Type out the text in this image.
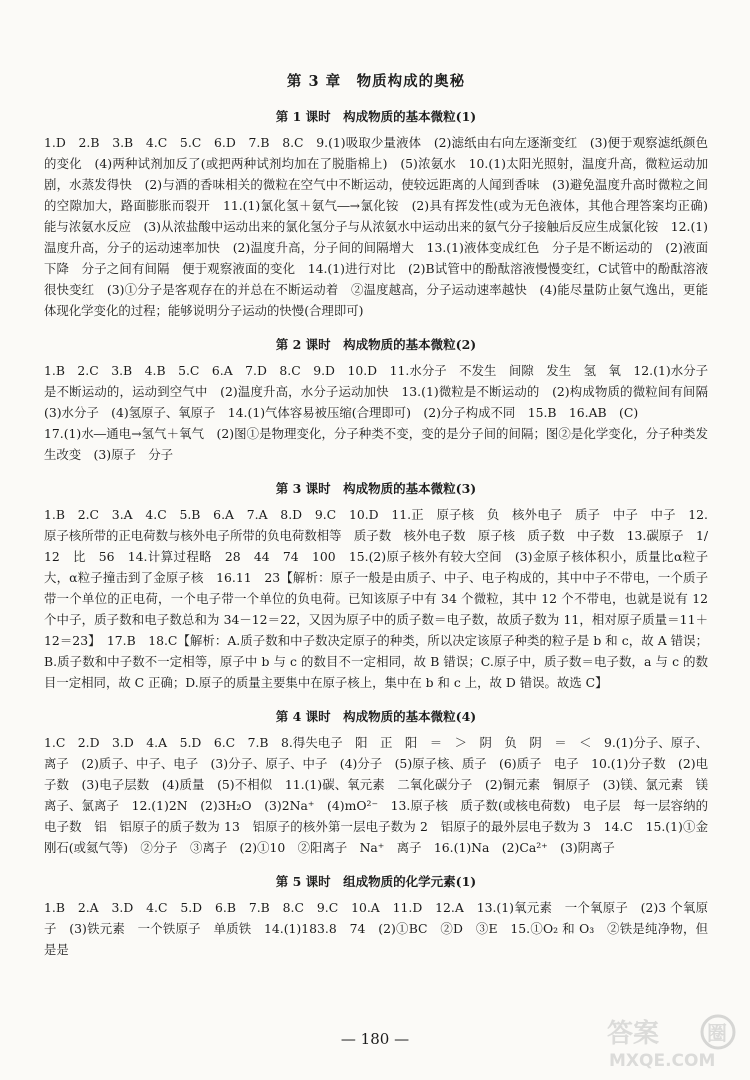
第 3 章　物质构成的奥秘
第 1 课时　构成物质的基本微粒(1)

1.D　2.B　3.B　4.C　5.C　6.D　7.B　8.C　9.(1)吸取少量液体　(2)滤纸由右向左逐渐变红　(3)便于观察滤纸颜色的变化　(4)两种试剂加反了(或把两种试剂均加在了脱脂棉上)　(5)浓氨水　10.(1)太阳光照射，温度升高，微粒运动加剧，水蒸发得快　(2)与酒的香味相关的微粒在空气中不断运动，使较远距离的人闻到香味　(3)避免温度升高时微粒之间的空隙加大，路面膨胀而裂开　11.(1)氯化氢＋氨气―→氯化铵　(2)具有挥发性(或为无色液体，其他合理答案均正确)　能与浓氨水反应　(3)从浓盐酸中运动出来的氯化氢分子与从浓氨水中运动出来的氨气分子接触后反应生成氯化铵　12.(1)温度升高，分子的运动速率加快　(2)温度升高，分子间的间隔增大　13.(1)液体变成红色　分子是不断运动的　(2)液面下降　分子之间有间隔　便于观察液面的变化　14.(1)进行对比　(2)B试管中的酚酞溶液慢慢变红，C试管中的酚酞溶液很快变红　(3)①分子是客观存在的并总在不断运动着　②温度越高，分子运动速率越快　(4)能尽量防止氨气逸出，更能体现化学变化的过程；能够说明分子运动的快慢(合理即可)

第 2 课时　构成物质的基本微粒(2)

1.B　2.C　3.B　4.B　5.C　6.A　7.D　8.C　9.D　10.D　11.水分子　不发生　间隙　发生　氢　氧　12.(1)水分子是不断运动的，运动到空气中　(2)温度升高，水分子运动加快　13.(1)微粒是不断运动的　(2)构成物质的微粒间有间隔　(3)水分子　(4)氢原子、氧原子　14.(1)气体容易被压缩(合理即可)　(2)分子构成不同　15.B　16.AB　(C)

17.(1)水―通电→氢气＋氧气　(2)图①是物理变化，分子种类不变，变的是分子间的间隔；图②是化学变化，分子种类发生改变　(3)原子　分子

第 3 课时　构成物质的基本微粒(3)

1.B　2.C　3.A　4.C　5.B　6.A　7.A　8.D　9.C　10.D　11.正　原子核　负　核外电子　质子　中子　中子　12.原子核所带的正电荷数与核外电子所带的负电荷数相等　质子数　核外电子数　原子核　质子数　中子数　13.碳原子　1/12　比　56　14.计算过程略　28　44　74　100　15.(2)原子核外有较大空间　(3)金原子核体积小，质量比α粒子大，α粒子撞击到了金原子核　16.11　23【解析：原子一般是由质子、中子、电子构成的，其中中子不带电，一个质子带一个单位的正电荷，一个电子带一个单位的负电荷。已知该原子中有 34 个微粒，其中 12 个不带电，也就是说有 12 个中子，质子数和电子数总和为 34－12＝22，又因为原子中的质子数＝电子数，故质子数为 11，相对原子质量＝11＋12＝23】　17.B　18.C【解析：A.质子数和中子数决定原子的种类，所以决定该原子种类的粒子是 b 和 c，故 A 错误；B.质子数和中子数不一定相等，原子中 b 与 c 的数目不一定相同，故 B 错误；C.原子中，质子数＝电子数，a 与 c 的数目一定相同，故 C 正确；D.原子的质量主要集中在原子核上，集中在 b 和 c 上，故 D 错误。故选 C】

第 4 课时　构成物质的基本微粒(4)

1.C　2.D　3.D　4.A　5.D　6.C　7.B　8.得失电子　阳　正　阳　＝　＞　阴　负　阴　＝　＜　9.(1)分子、原子、离子　(2)质子、中子、电子　(3)分子、原子、中子　(4)分子　(5)原子核、质子　(6)质子　电子　10.(1)分子数　(2)电子数　(3)电子层数　(4)质量　(5)不相似　11.(1)碳、氧元素　二氧化碳分子　(2)铜元素　铜原子　(3)镁、氯元素　镁离子、氯离子　12.(1)2N　(2)3H₂O　(3)2Na⁺　(4)mO²⁻　13.原子核　质子数(或核电荷数)　电子层　每一层容纳的电子数　铝　铝原子的质子数为 13　铝原子的核外第一层电子数为 2　铝原子的最外层电子数为 3　14.C　15.(1)①金刚石(或氦气等)　②分子　③离子　(2)①10　②阳离子　Na⁺　离子　16.(1)Na　(2)Ca²⁺　(3)阴离子

第 5 课时　组成物质的化学元素(1)

1.B　2.A　3.D　4.C　5.D　6.B　7.B　8.C　9.C　10.A　11.D　12.A　13.(1)氧元素　一个氧原子　(2)3 个氧原子　(3)铁元素　一个铁原子　单质铁　14.(1)183.8　74　(2)①BC　②D　③E　15.①O₂ 和 O₃　②铁是纯净物，但是是

— 180 —	答案 圈
MXQE.COM
